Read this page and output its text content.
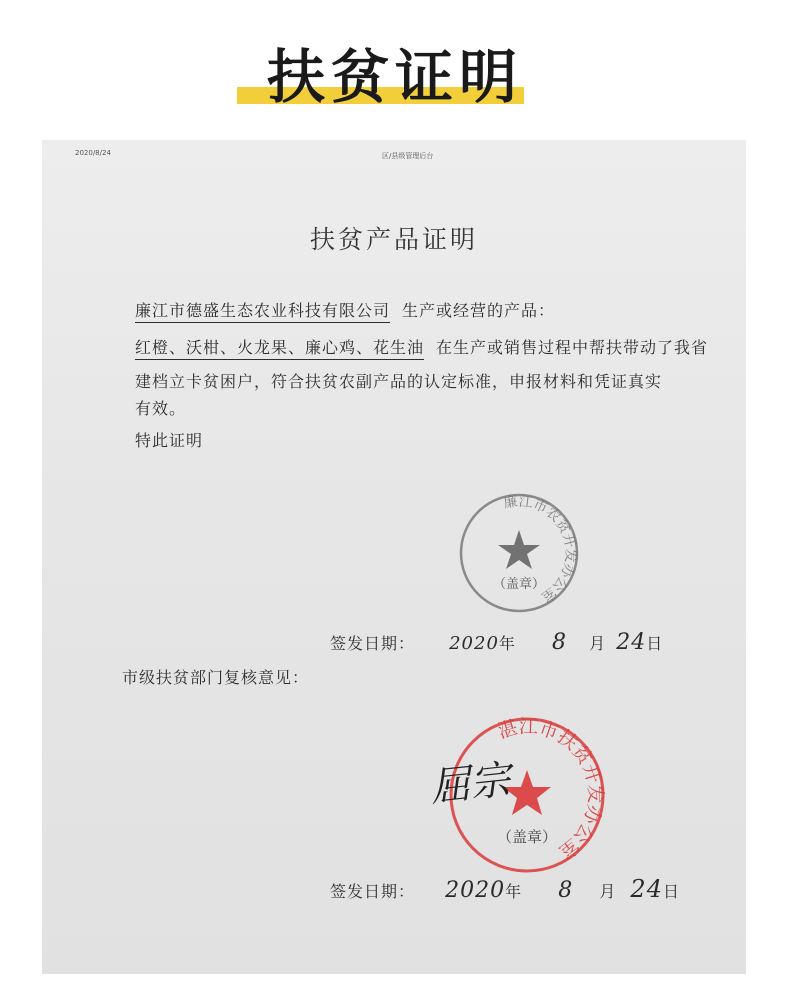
扶贫证明
2020/8/24	区/县级管理后台
扶贫产品证明
廉江市德盛生态农业科技有限公司 生产或经营的产品：
红橙、沃柑、火龙果、廉心鸡、花生油 在生产或销售过程中帮扶带动了我省
建档立卡贫困户，符合扶贫农副产品的认定标准，申报材料和凭证真实
有效。
特此证明
廉江市农贫开发办公室
（盖章）
签发日期： 2020年 8 月 24日
市级扶贫部门复核意见：
湛江市扶贫开发办公室
（盖章）
屈宗
签发日期： 2020年 8 月 24日
